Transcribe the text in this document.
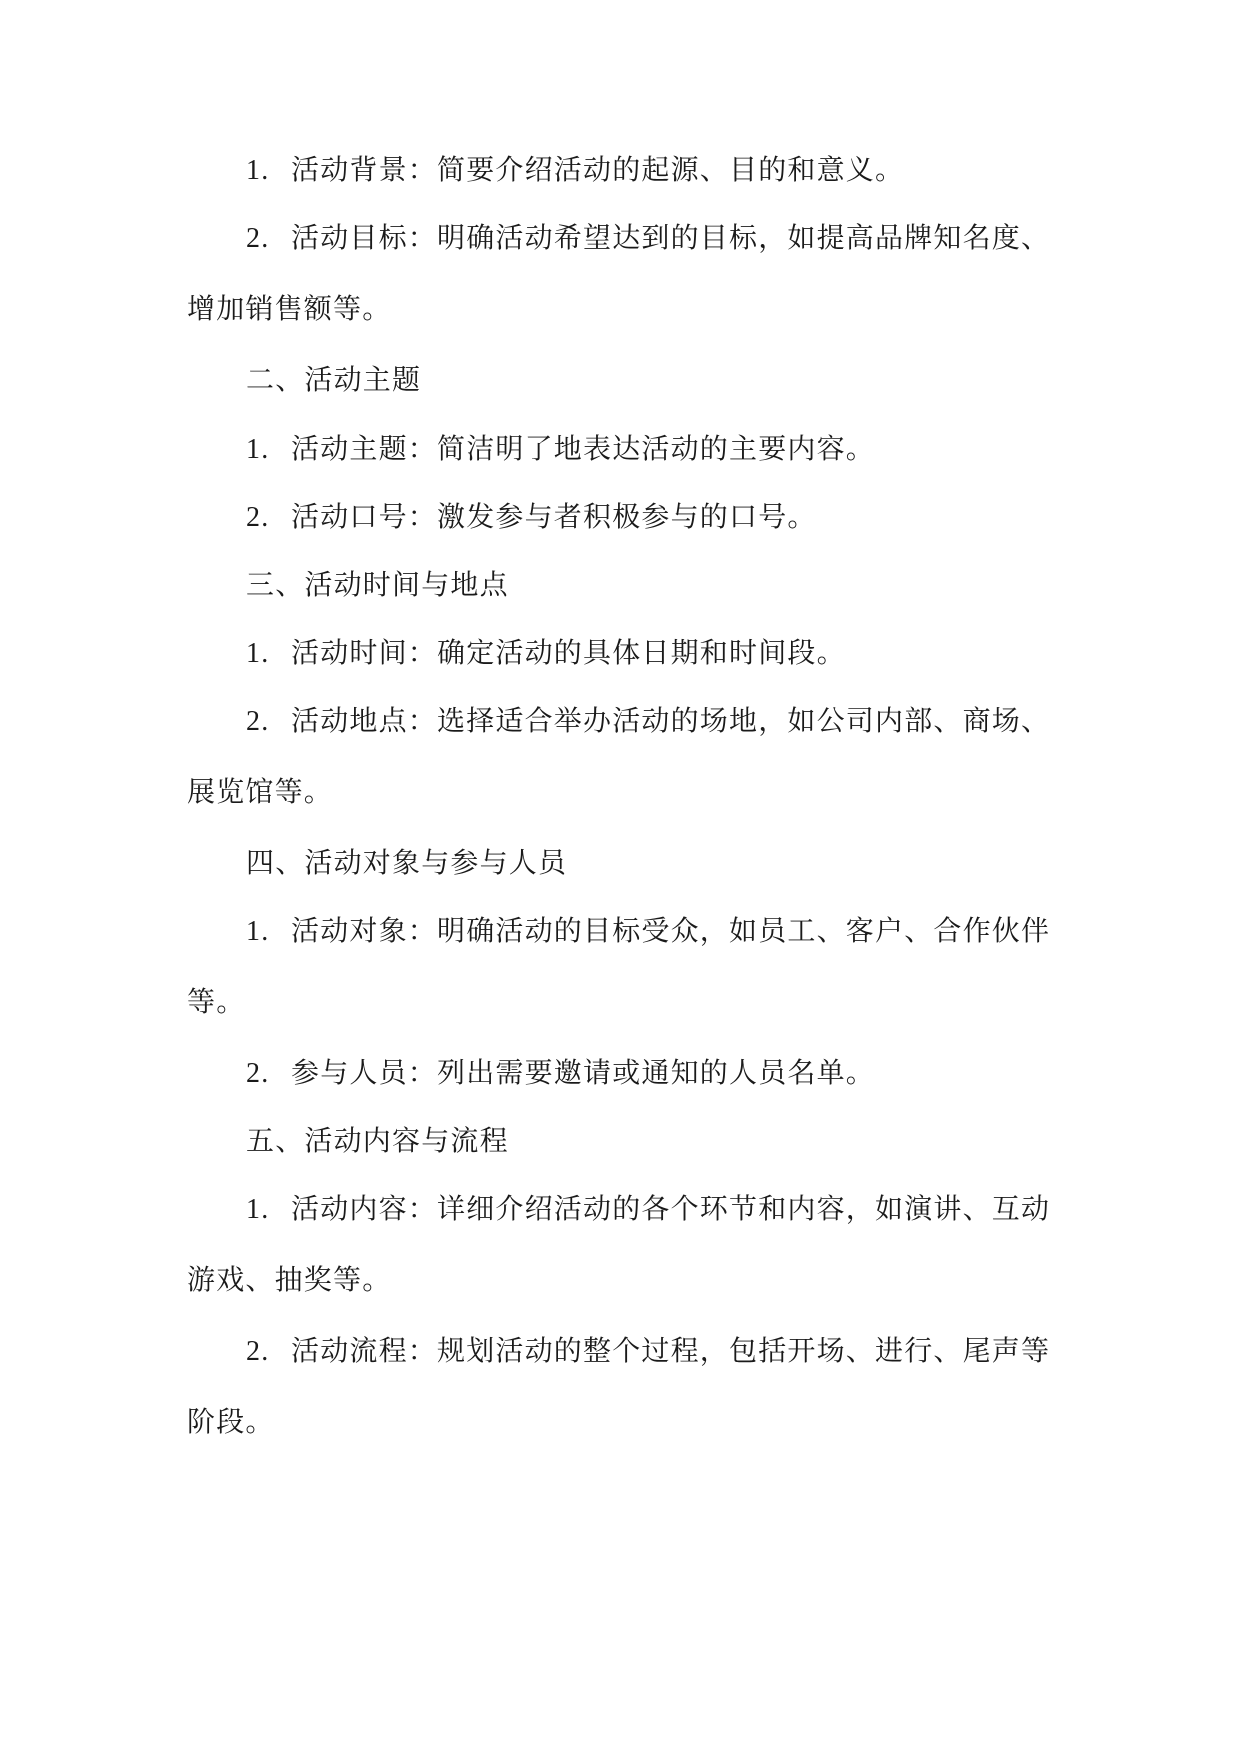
1. 活动背景：简要介绍活动的起源、目的和意义。
2. 活动目标：明确活动希望达到的目标，如提高品牌知名度、
增加销售额等。
二、活动主题
1. 活动主题：简洁明了地表达活动的主要内容。
2. 活动口号：激发参与者积极参与的口号。
三、活动时间与地点
1. 活动时间：确定活动的具体日期和时间段。
2. 活动地点：选择适合举办活动的场地，如公司内部、商场、
展览馆等。
四、活动对象与参与人员
1. 活动对象：明确活动的目标受众，如员工、客户、合作伙伴
等。
2. 参与人员：列出需要邀请或通知的人员名单。
五、活动内容与流程
1. 活动内容：详细介绍活动的各个环节和内容，如演讲、互动
游戏、抽奖等。
2. 活动流程：规划活动的整个过程，包括开场、进行、尾声等
阶段。
